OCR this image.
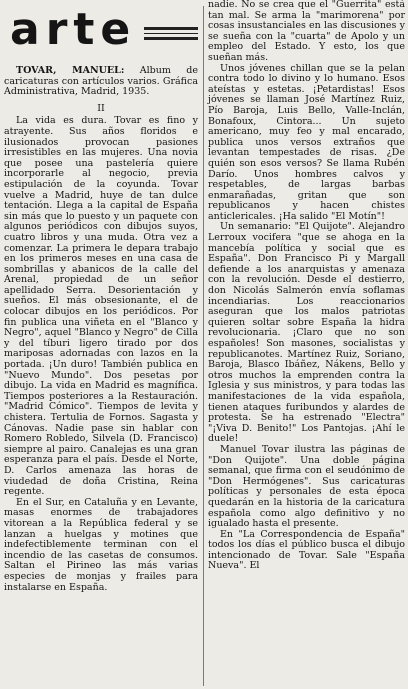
arte

TOVAR, MANUEL: Album de caricaturas con artículos varios. Gráfica Administrativa, Madrid, 1935.

II

La vida es dura. Tovar es fino y atrayente. Sus años floridos e ilusionados provocan pasiones irresistibles en las mujeres. Una novia que posee una pastelería quiere incorporarle al negocio, previa estipulación de la coyunda. Tovar vuelve a Madrid, huye de tan dulce tentación. Llega a la capital de España sin más que lo puesto y un paquete con algunos periódicos con dibujos suyos, cuatro libros y una muda. Otra vez a comenzar. La primera le depara trabajo en los primeros meses en una casa de sombrillas y abanicos de la calle del Arenal, propiedad de un señor apellidado Serra. Desorientación y sueños. El más obsesionante, el de colocar dibujos en los periódicos. Por fin publica una viñeta en el "Blanco y Negro", aquel "Blanco y Negro" de Cilla y del tíburi ligero tirado por dos mariposas adornadas con lazos en la portada. ¡Un duro! También publica en "Nuevo Mundo". Dos pesetas por dibujo. La vida en Madrid es magnífica. Tiempos posteriores a la Restauración. "Madrid Cómico". Tiempos de levita y chistera. Tertulia de Fornos. Sagasta y Cánovas. Nadie pase sin hablar con Romero Robledo, Silvela (D. Francisco) siempre al pairo. Canalejas es una gran esperanza para el país. Desde el Norte, D. Carlos amenaza las horas de viudedad de doña Cristina, Reina regente.

En el Sur, en Cataluña y en Levante, masas enormes de trabajadores vitorean a la República federal y se lanzan a huelgas y motines que indefectiblemente terminan con el incendio de las casetas de consumos. Saltan el Pirineo las más varias especies de monjas y frailes para instalarse en España.

nadie. No se crea que el "Guerrita" está tan mal. Se arma la "marimorena" por cosas insustanciales en las discusiones y se sueña con la "cuarta" de Apolo y un empleo del Estado. Y esto, los que sueñan más.

Unos jóvenes chillan que se la pelan contra todo lo divino y lo humano. Esos ateístas y estetas. ¡Petardistas! Esos jóvenes se llaman José Martínez Ruiz, Pío Baroja, Luis Bello, Valle-Inclán, Bonafoux, Cintora... Un sujeto americano, muy feo y mal encarado, publica unos versos extraños que levantan tempestades de risas. ¿De quién son esos versos? Se llama Rubén Darío. Unos hombres calvos y respetables, de largas barbas enmarañadas, gritan que son republicanos y hacen chistes anticlericales. ¡Ha salido "El Motín"!

Un semanario: "El Quijote". Alejandro Lerroux vocifera "que se ahoga en la mancebía política y social que es España". Don Francisco Pi y Margall defiende a los anarquistas y amenaza con la revolución. Desde el destierro, don Nicolás Salmerón envía soflamas incendiarias. Los reaccionarios aseguran que los malos patriotas quieren soltar sobre España la hidra revolucionaria. ¡Claro que no son españoles! Son masones, socialistas y republicanotes. Martínez Ruiz, Soriano, Baroja, Blasco Ibáñez, Nákens, Bello y otros muchos la emprenden contra la Iglesia y sus ministros, y para todas las manifestaciones de la vida española, tienen ataques furibundos y alardes de protesta. Se ha estrenado "Electra" "¡Viva D. Benito!" Los Pantojas. ¡Ahí le duele!

Manuel Tovar ilustra las páginas de "Don Quijote". Una doble página semanal, que firma con el seudónimo de "Don Hermógenes". Sus caricaturas políticas y personales de esta época quedarán en la historia de la caricatura española como algo definitivo y no igualado hasta el presente.

En "La Correspondencia de España" todos los días el público busca el dibujo intencionado de Tovar. Sale "España Nueva". El
